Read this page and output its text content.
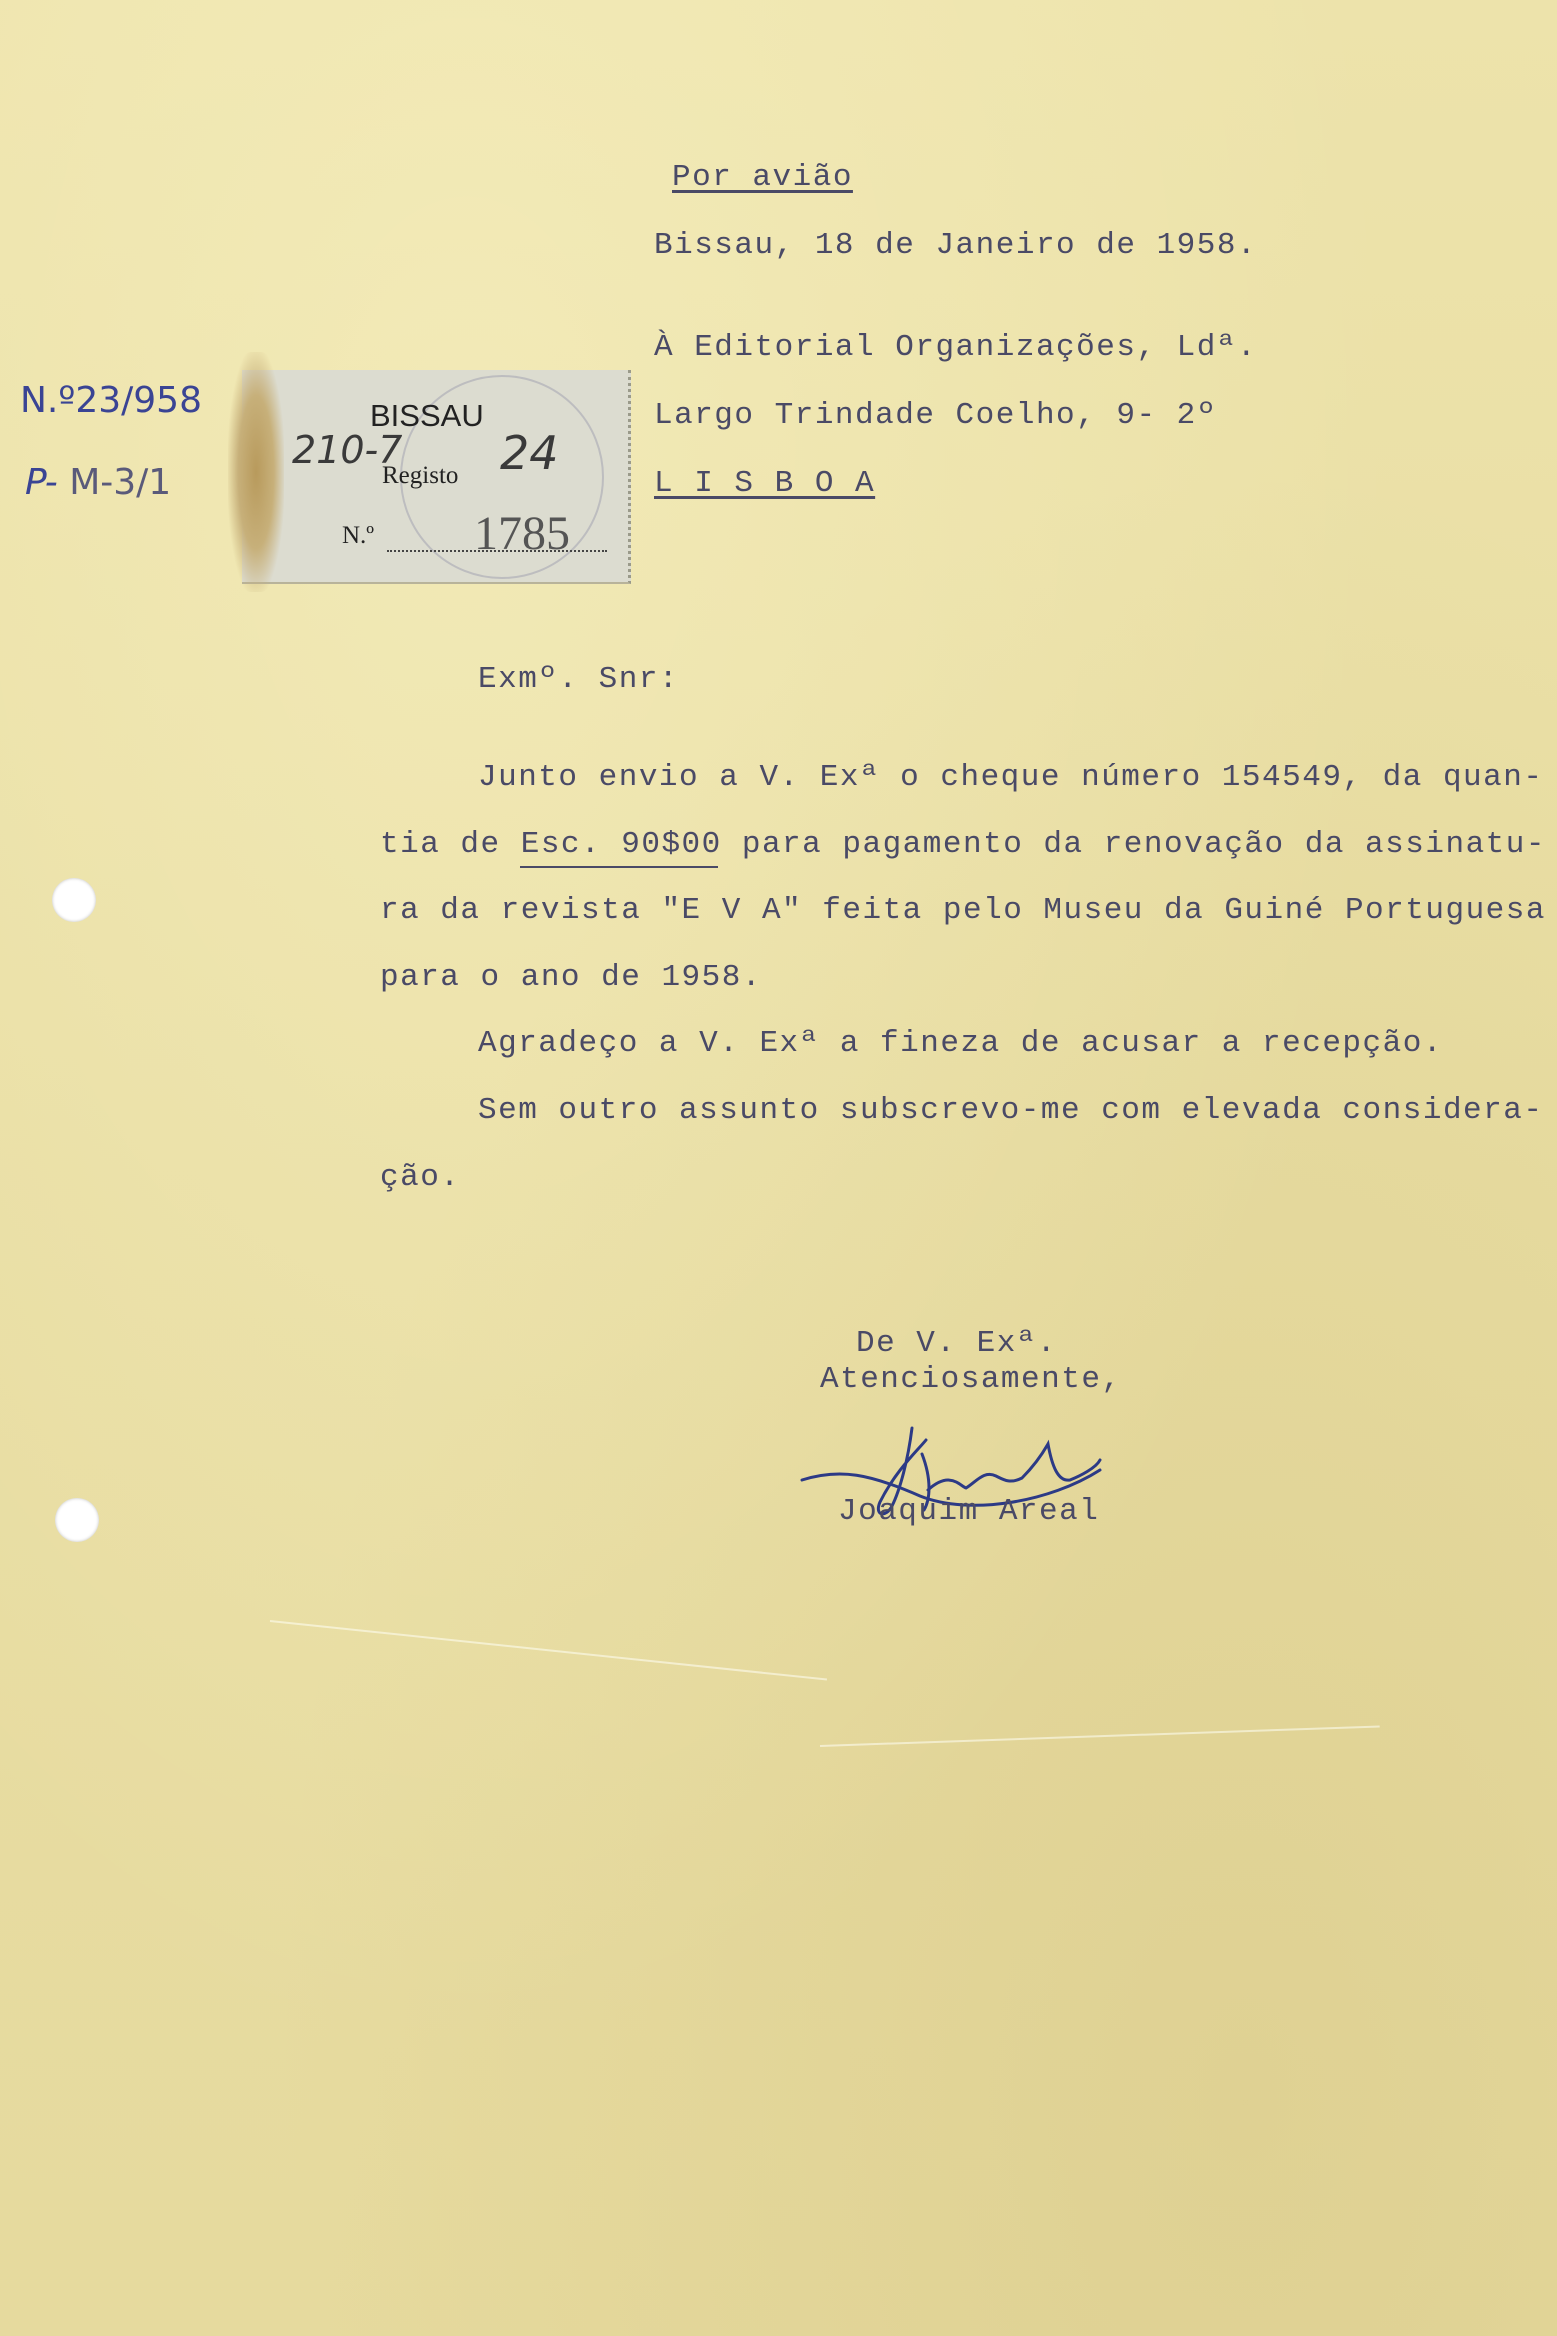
N.º23/958
P- M-3/1
Por avião
Bissau, 18 de Janeiro de 1958.
À Editorial Organizações, Ldª.
Largo Trindade Coelho, 9- 2º
L I S B O A
BISSAU
Registo
N.º 1785
210-7 24
Exmº. Snr:
Junto envio a V. Exª o cheque número 154549, da quan-
tia de Esc. 90$00 para pagamento da renovação da assinatu-
ra da revista "E V A" feita pelo Museu da Guiné Portuguesa
para o ano de 1958.
Agradeço a V. Exª a fineza de acusar a recepção.
Sem outro assunto subscrevo-me com elevada considera-
ção.
De V. Exª.
Atenciosamente,
Joaquim Areal
